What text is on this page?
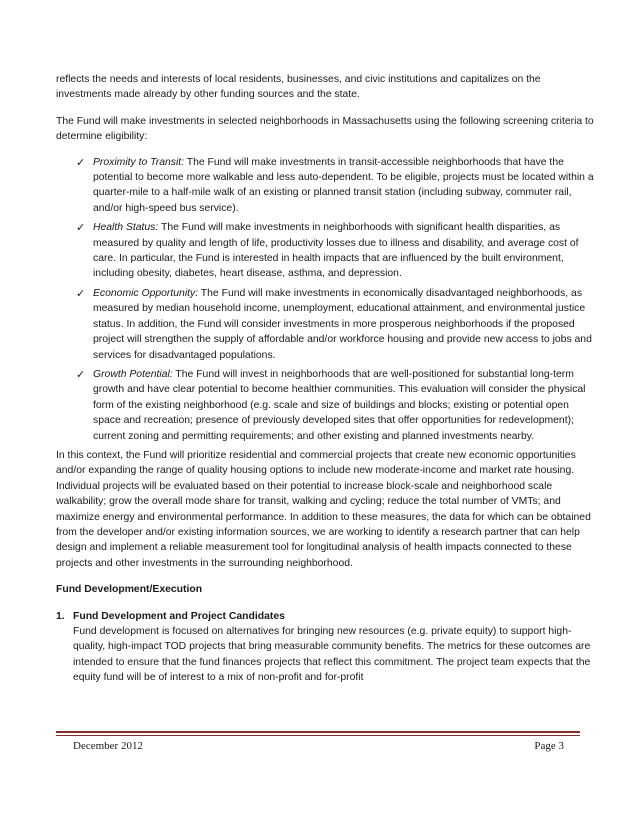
reflects the needs and interests of local residents, businesses, and civic institutions and capitalizes on the investments made already by other funding sources and the state.

The Fund will make investments in selected neighborhoods in Massachusetts using the following screening criteria to determine eligibility:

✓ Proximity to Transit: The Fund will make investments in transit-accessible neighborhoods that have the potential to become more walkable and less auto-dependent. To be eligible, projects must be located within a quarter-mile to a half-mile walk of an existing or planned transit station (including subway, commuter rail, and/or high-speed bus service).
✓ Health Status: The Fund will make investments in neighborhoods with significant health disparities, as measured by quality and length of life, productivity losses due to illness and disability, and average cost of care. In particular, the Fund is interested in health impacts that are influenced by the built environment, including obesity, diabetes, heart disease, asthma, and depression.
✓ Economic Opportunity: The Fund will make investments in economically disadvantaged neighborhoods, as measured by median household income, unemployment, educational attainment, and environmental justice status. In addition, the Fund will consider investments in more prosperous neighborhoods if the proposed project will strengthen the supply of affordable and/or workforce housing and provide new access to jobs and services for disadvantaged populations.
✓ Growth Potential: The Fund will invest in neighborhoods that are well-positioned for substantial long-term growth and have clear potential to become healthier communities. This evaluation will consider the physical form of the existing neighborhood (e.g. scale and size of buildings and blocks; existing or potential open space and recreation; presence of previously developed sites that offer opportunities for redevelopment); current zoning and permitting requirements; and other existing and planned investments nearby.

In this context, the Fund will prioritize residential and commercial projects that create new economic opportunities and/or expanding the range of quality housing options to include new moderate-income and market rate housing. Individual projects will be evaluated based on their potential to increase block-scale and neighborhood scale walkability; grow the overall mode share for transit, walking and cycling; reduce the total number of VMTs; and maximize energy and environmental performance. In addition to these measures, the data for which can be obtained from the developer and/or existing information sources, we are working to identify a research partner that can help design and implement a reliable measurement tool for longitudinal analysis of health impacts connected to these projects and other investments in the surrounding neighborhood.

Fund Development/Execution

1. Fund Development and Project Candidates
Fund development is focused on alternatives for bringing new resources (e.g. private equity) to support high-quality, high-impact TOD projects that bring measurable community benefits. The metrics for these outcomes are intended to ensure that the fund finances projects that reflect this commitment. The project team expects that the equity fund will be of interest to a mix of non-profit and for-profit
December 2012	Page 3
